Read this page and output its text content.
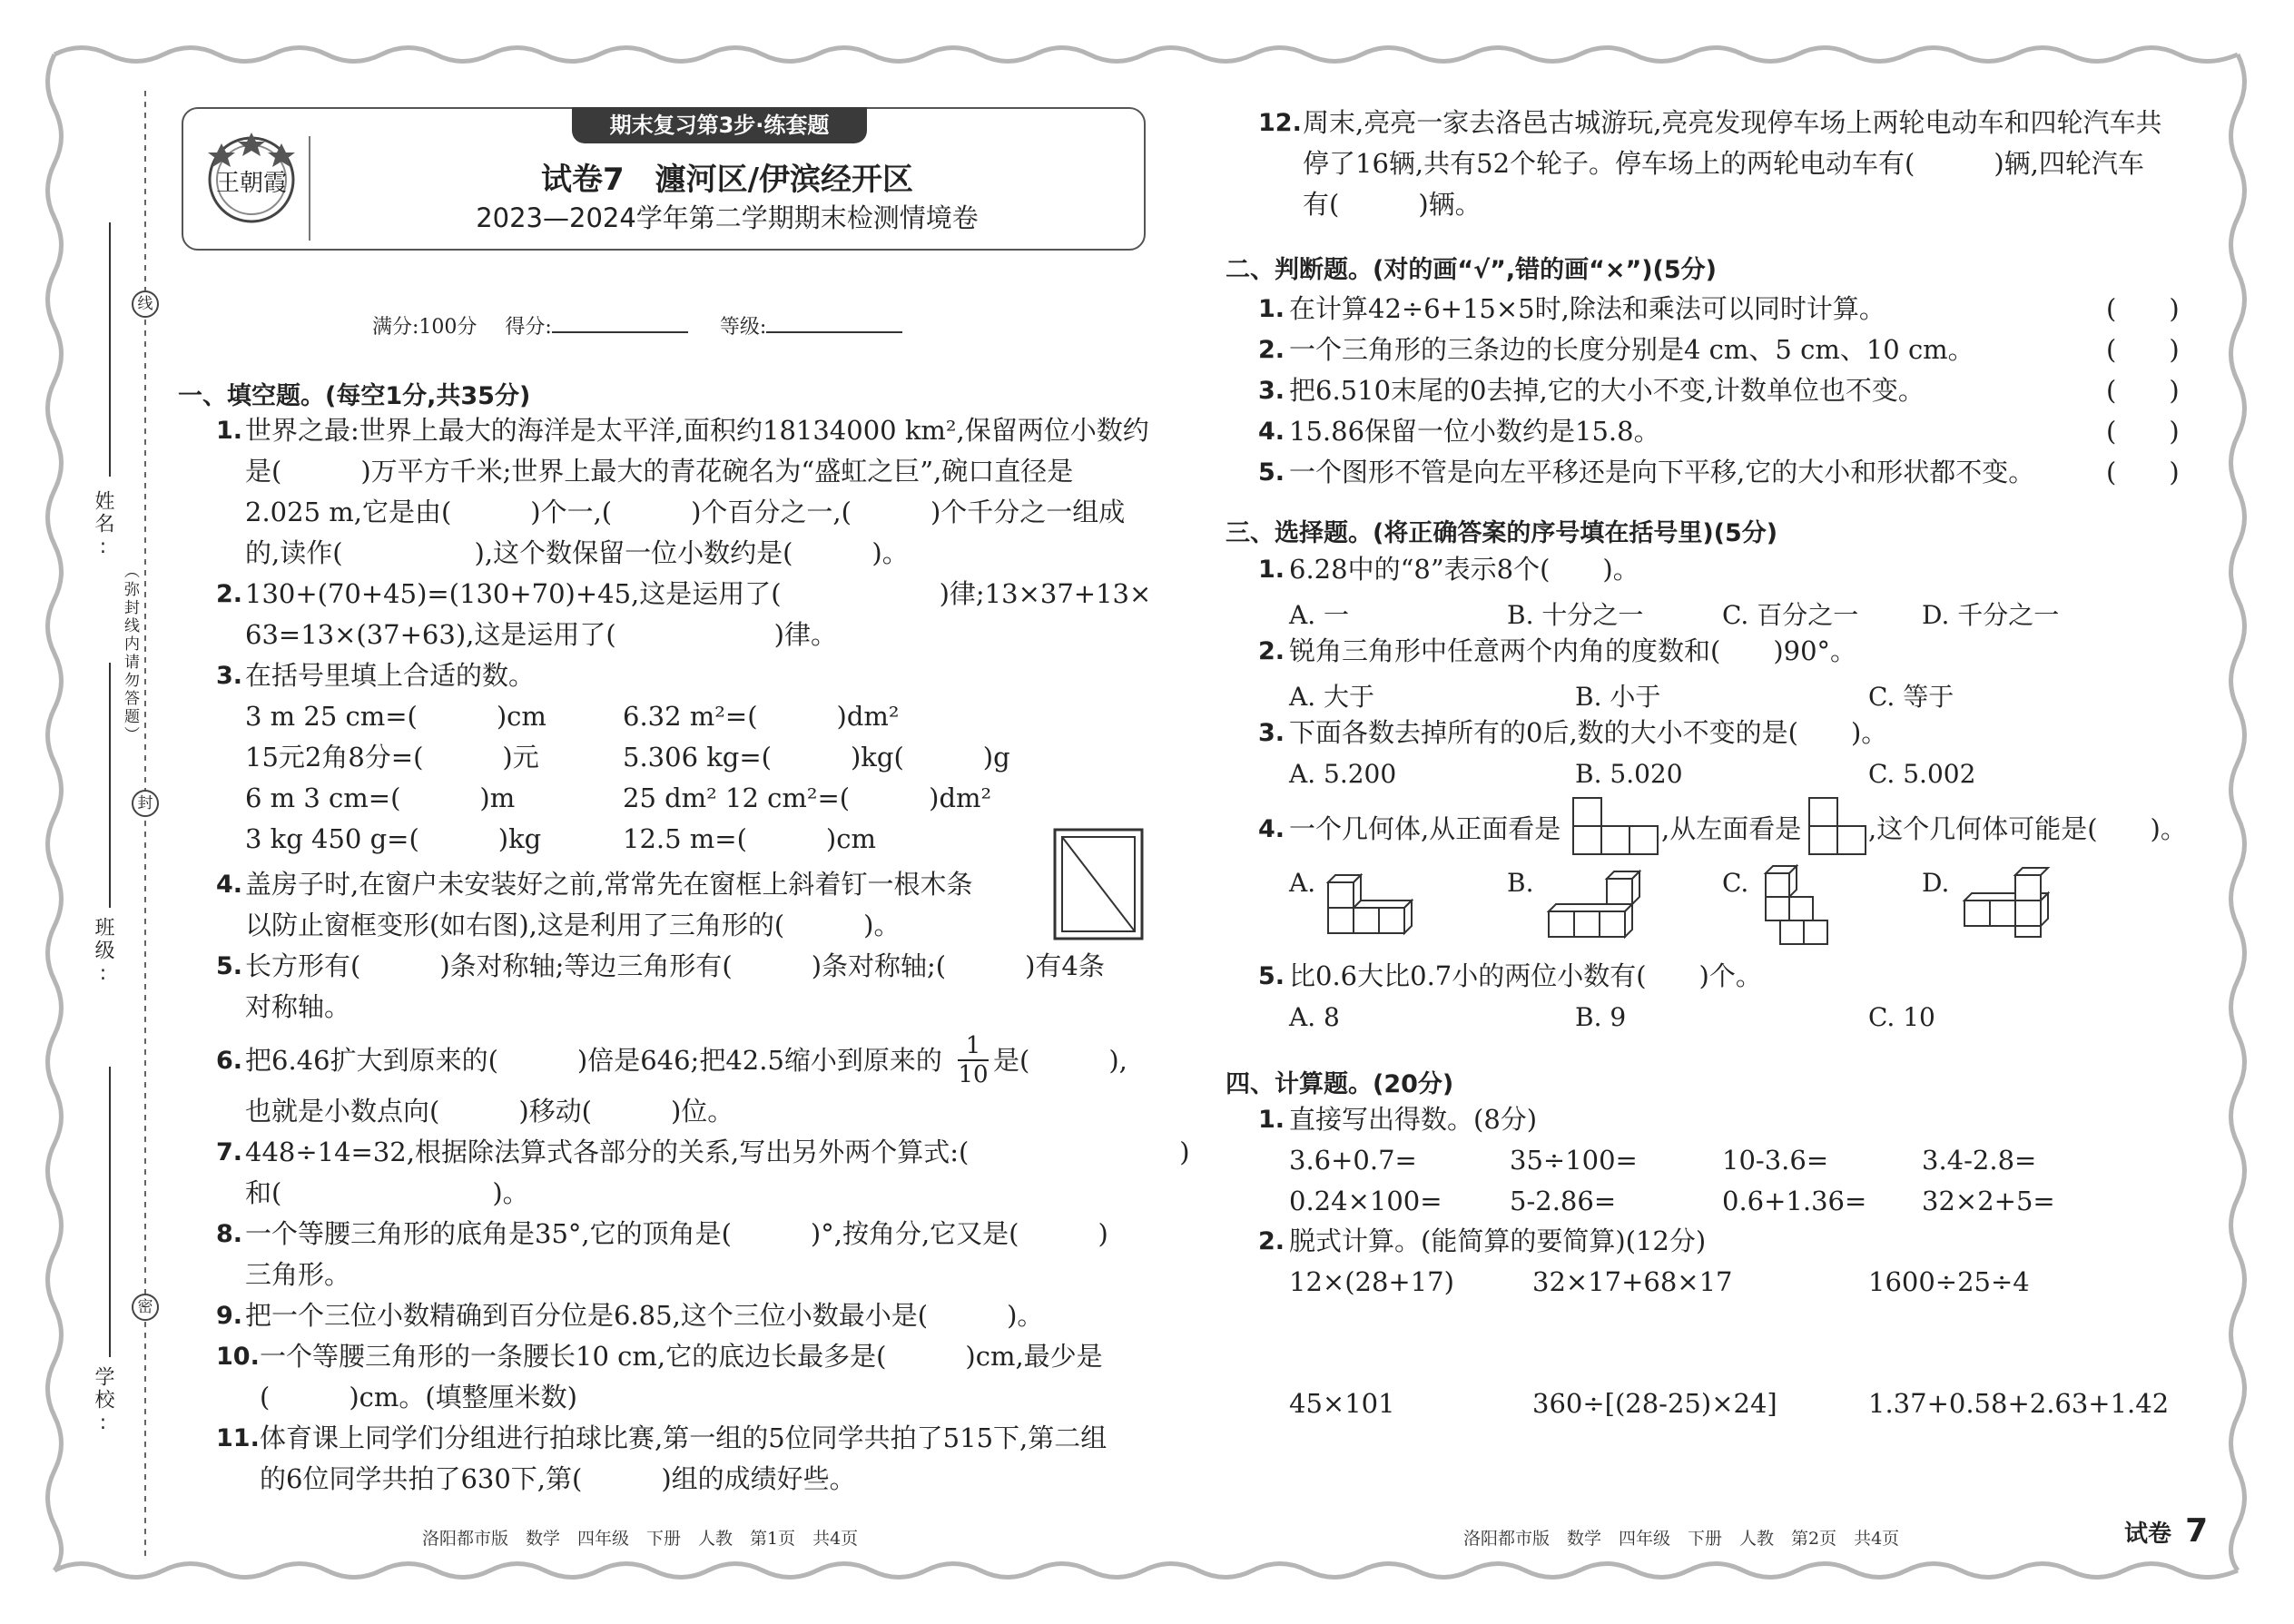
姓名:
班级:
学校:
线
封
密
（弥封线内请勿答题）
期末复习第3步·练套题
王朝霞	试卷7　瀍河区/伊滨经开区
2023—2024学年第二学期期末检测情境卷
满分:100分 得分:	等级:
一、填空题。(每空1分,共35分)
1. 世界之最:世界上最大的海洋是太平洋,面积约18134000 km²,保留两位小数约
是(　　　)万平方千米;世界上最大的青花碗名为“盛虹之巨”,碗口直径是
2.025 m,它是由(　　　)个一,(　　　)个百分之一,(　　　)个千分之一组成
的,读作(　　　　　),这个数保留一位小数约是(　　　)。
2. 130+(70+45)=(130+70)+45,这是运用了(　　　　　　)律;13×37+13×
63=13×(37+63),这是运用了(　　　　　　)律。
3. 在括号里填上合适的数。
3 m 25 cm=(　　　)cm	6.32 m²=(　　　)dm²
15元2角8分=(　　　)元	5.306 kg=(　　　)kg(　　　)g
6 m 3 cm=(　　　)m	25 dm² 12 cm²=(　　　)dm²
3 kg 450 g=(　　　)kg	12.5 m=(　　　)cm
4. 盖房子时,在窗户未安装好之前,常常先在窗框上斜着钉一根木条
以防止窗框变形(如右图),这是利用了三角形的(　　　)。
5. 长方形有(　　　)条对称轴;等边三角形有(　　　)条对称轴;(　　　)有4条
对称轴。
6. 把6.46扩大到原来的(　　　)倍是646;把42.5缩小到原来的 $\frac{1}{10}$ 是(　　　),
也就是小数点向(　　　)移动(　　　)位。
7. 448÷14=32,根据除法算式各部分的关系,写出另外两个算式:(　　　　　　　　)
和(　　　　　　　　)。
8. 一个等腰三角形的底角是35°,它的顶角是(　　　)°,按角分,它又是(　　　)
三角形。
9. 把一个三位小数精确到百分位是6.85,这个三位小数最小是(　　　)。
10. 一个等腰三角形的一条腰长10 cm,它的底边长最多是(　　　)cm,最少是
(　　　)cm。(填整厘米数)
11. 体育课上同学们分组进行拍球比赛,第一组的5位同学共拍了515下,第二组
的6位同学共拍了630下,第(　　　)组的成绩好些。
洛阳都市版　数学　四年级　下册　人教　第1页　共4页
12. 周末,亮亮一家去洛邑古城游玩,亮亮发现停车场上两轮电动车和四轮汽车共
停了16辆,共有52个轮子。停车场上的两轮电动车有(　　　)辆,四轮汽车
有(　　　)辆。
二、判断题。(对的画“√”,错的画“×”)(5分)
1. 在计算42÷6+15×5时,除法和乘法可以同时计算。	(　　)
2. 一个三角形的三条边的长度分别是4 cm、5 cm、10 cm。	(　　)
3. 把6.510末尾的0去掉,它的大小不变,计数单位也不变。	(　　)
4. 15.86保留一位小数约是15.8。	(　　)
5. 一个图形不管是向左平移还是向下平移,它的大小和形状都不变。	(　　)
三、选择题。(将正确答案的序号填在括号里)(5分)
1. 6.28中的“8”表示8个(　　)。
A. 一	B. 十分之一	C. 百分之一 D. 千分之一
2. 锐角三角形中任意两个内角的度数和(　　)90°。
A. 大于	B. 小于	C. 等于
3. 下面各数去掉所有的0后,数的大小不变的是(　　)。
A. 5.200	B. 5.020	C. 5.002
4. 一个几何体,从正面看是	,从左面看是	,这个几何体可能是(　　)。
A.	B.	C.	D.
5. 比0.6大比0.7小的两位小数有(　　)个。
A. 8	B. 9	C. 10
四、计算题。(20分)
1. 直接写出得数。(8分)
3.6+0.7=	35÷100=	10-3.6=	3.4-2.8=
0.24×100=	5-2.86=	0.6+1.36= 32×2+5=
2. 脱式计算。(能简算的要简算)(12分)
12×(28+17)	32×17+68×17	1600÷25÷4
45×101	360÷[(28-25)×24]	1.37+0.58+2.63+1.42
洛阳都市版　数学　四年级　下册　人教　第2页　共4页	试卷 7
